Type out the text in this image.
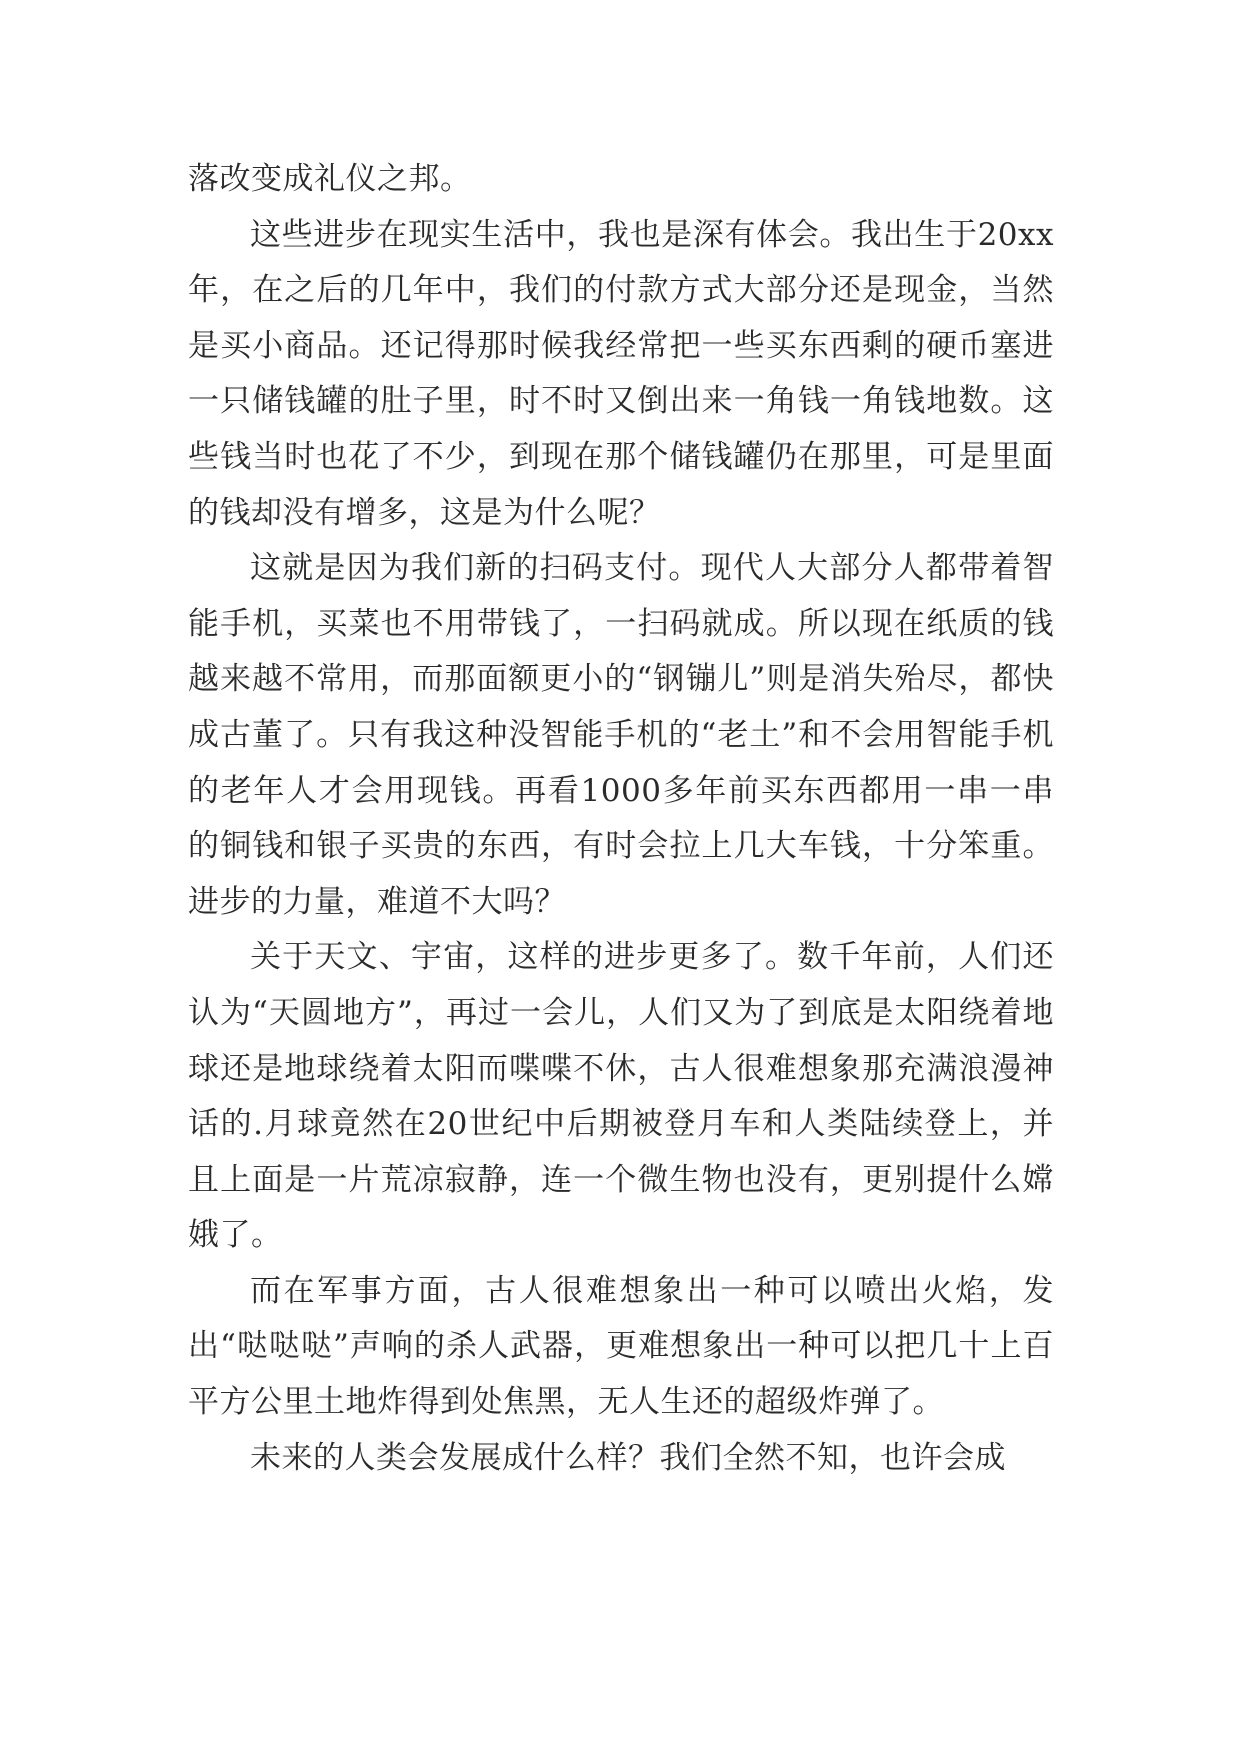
落改变成礼仪之邦。

这些进步在现实生活中，我也是深有体会。我出生于20xx年，在之后的几年中，我们的付款方式大部分还是现金，当然是买小商品。还记得那时候我经常把一些买东西剩的硬币塞进一只储钱罐的肚子里，时不时又倒出来一角钱一角钱地数。这些钱当时也花了不少，到现在那个储钱罐仍在那里，可是里面的钱却没有增多，这是为什么呢？

这就是因为我们新的扫码支付。现代人大部分人都带着智能手机，买菜也不用带钱了，一扫码就成。所以现在纸质的钱越来越不常用，而那面额更小的“钢镚儿”则是消失殆尽，都快成古董了。只有我这种没智能手机的“老土”和不会用智能手机的老年人才会用现钱。再看1000多年前买东西都用一串一串的铜钱和银子买贵的东西，有时会拉上几大车钱，十分笨重。进步的力量，难道不大吗？

关于天文、宇宙，这样的进步更多了。数千年前，人们还认为“天圆地方”，再过一会儿，人们又为了到底是太阳绕着地球还是地球绕着太阳而喋喋不休，古人很难想象那充满浪漫神话的.月球竟然在20世纪中后期被登月车和人类陆续登上，并且上面是一片荒凉寂静，连一个微生物也没有，更别提什么嫦娥了。

而在军事方面，古人很难想象出一种可以喷出火焰，发出“哒哒哒”声响的杀人武器，更难想象出一种可以把几十上百平方公里土地炸得到处焦黑，无人生还的超级炸弹了。

未来的人类会发展成什么样？我们全然不知，也许会成
